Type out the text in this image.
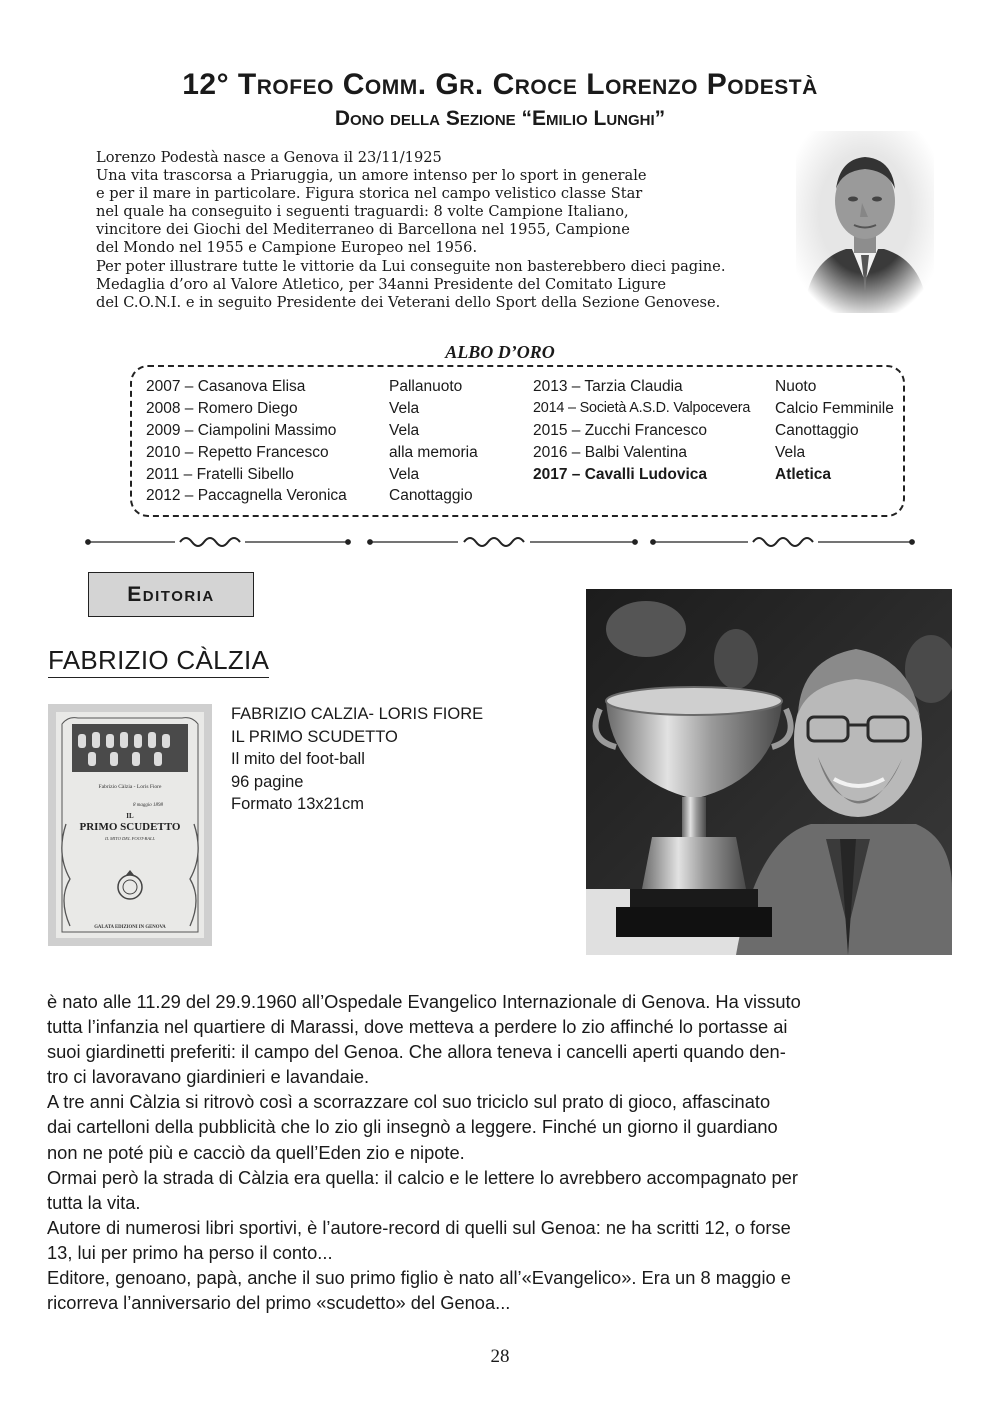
12° Trofeo Comm. Gr. Croce Lorenzo Podestà
Dono della Sezione “Emilio Lunghi”
Lorenzo Podestà nasce a Genova il 23/11/1925
Una vita trascorsa a Priaruggia, un amore intenso per lo sport in generale
e per il mare in particolare. Figura storica nel campo velistico classe Star
nel quale ha conseguito i seguenti traguardi: 8 volte Campione Italiano,
vincitore dei Giochi del Mediterraneo di Barcellona nel 1955, Campione
del Mondo nel 1955 e Campione Europeo nel 1956.
Per poter illustrare tutte le vittorie da Lui conseguite non basterebbero dieci pagine.
Medaglia d’oro al Valore Atletico, per 34anni Presidente del Comitato Ligure
del C.O.N.I. e in seguito Presidente dei Veterani dello Sport della Sezione Genovese.
ALBO D’ORO
2007 – Casanova Elisa
2008 – Romero Diego
2009 – Ciampolini Massimo
2010 – Repetto Francesco
2011 – Fratelli Sibello
2012 – Paccagnella Veronica
Pallanuoto
Vela
Vela
alla memoria
Vela
Canottaggio
2013 – Tarzia Claudia
2014 – Società A.S.D. Valpocevera
2015 – Zucchi Francesco
2016 – Balbi Valentina
2017 – Cavalli Ludovica
Nuoto
Calcio Femminile
Canottaggio
Vela
Atletica
Editoria
FABRIZIO CÀLZIA
Fabrizio Càlzia - Loris Fiore
8 maggio 1898
IL
PRIMO SCUDETTO
IL MITO DEL FOOT-BALL
GALATA EDIZIONI IN GENOVA
FABRIZIO CALZIA- LORIS FIORE
IL PRIMO SCUDETTO
Il mito del foot-ball
96 pagine
Formato 13x21cm
è nato alle 11.29 del 29.9.1960 all’Ospedale Evangelico Internazionale di Genova. Ha vissuto
tutta l’infanzia nel quartiere di Marassi, dove metteva a perdere lo zio affinché lo portasse ai
suoi giardinetti preferiti: il campo del Genoa. Che allora teneva i cancelli aperti quando den-
tro ci lavoravano giardinieri e lavandaie.
A tre anni Càlzia si ritrovò così a scorrazzare col suo triciclo sul prato di gioco, affascinato
dai cartelloni della pubblicità che lo zio gli insegnò a leggere. Finché un giorno il guardiano
non ne poté più e cacciò da quell’Eden zio e nipote.
Ormai però la strada di Càlzia era quella: il calcio e le lettere lo avrebbero accompagnato per
tutta la vita.
Autore di numerosi libri sportivi, è l’autore-record di quelli sul Genoa: ne ha scritti 12, o forse
13, lui per primo ha perso il conto...
Editore, genoano, papà, anche il suo primo figlio è nato all’«Evangelico». Era un 8 maggio e
ricorreva l’anniversario del primo «scudetto» del Genoa...
28
